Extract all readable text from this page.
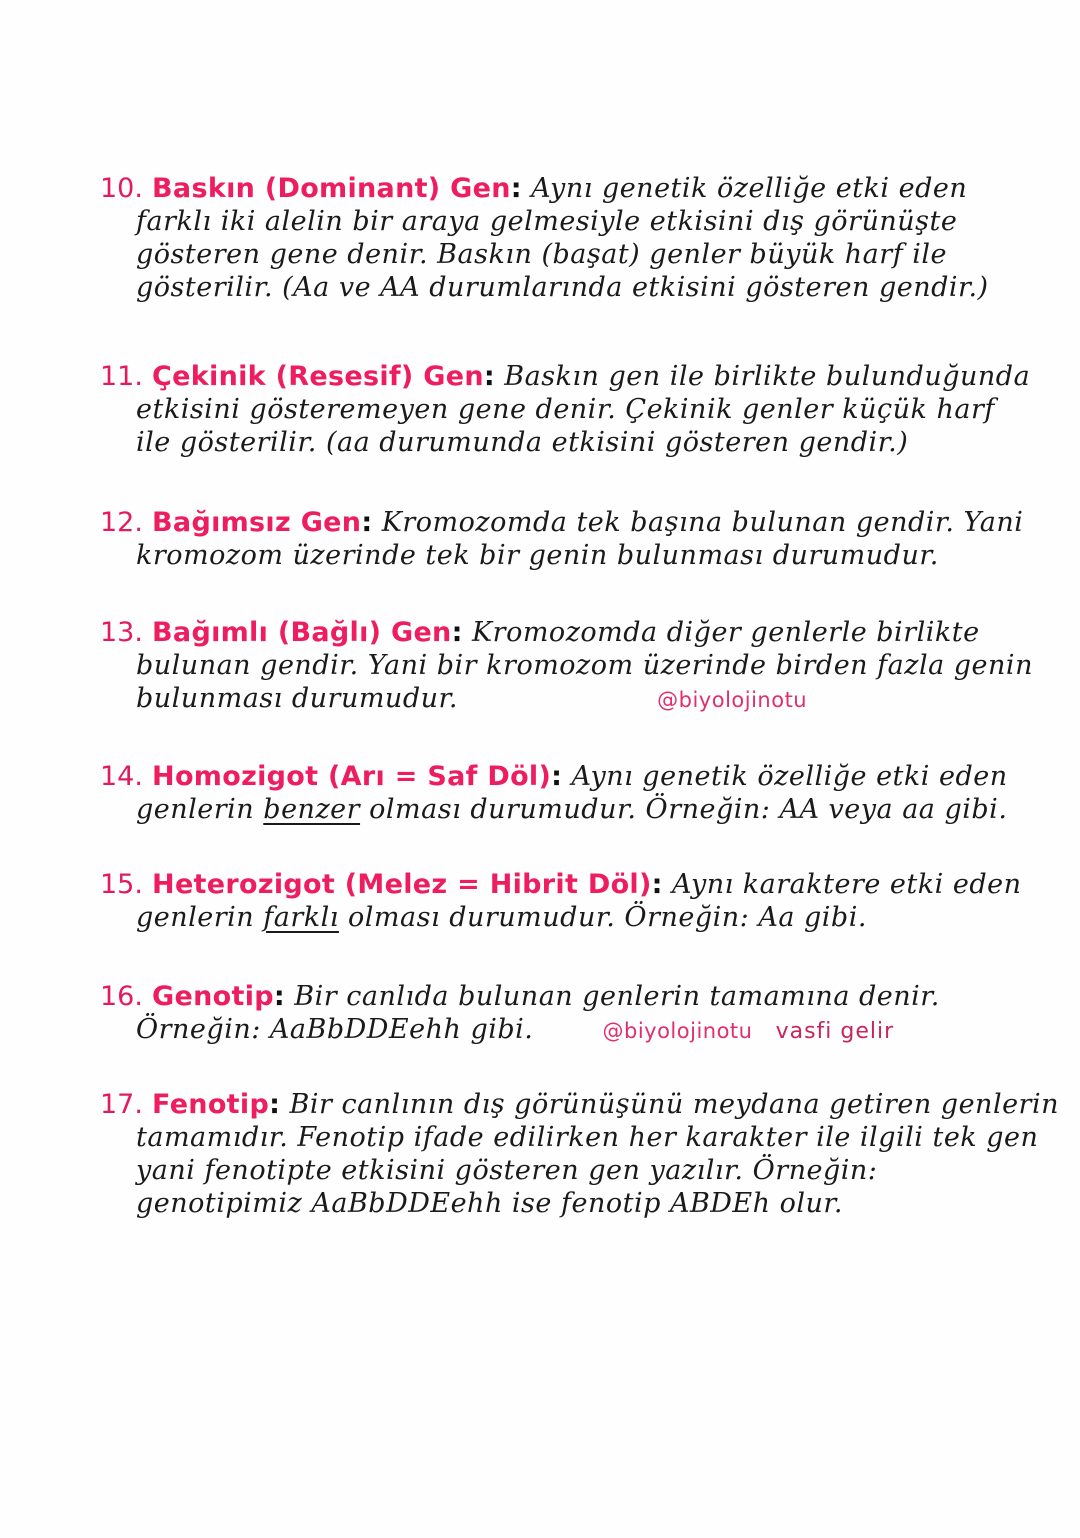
10. Baskın (Dominant) Gen: Aynı genetik özelliğe etki eden
farklı iki alelin bir araya gelmesiyle etkisini dış görünüşte
gösteren gene denir. Baskın (başat) genler büyük harf ile
gösterilir. (Aa ve AA durumlarında etkisini gösteren gendir.)
11. Çekinik (Resesif) Gen: Baskın gen ile birlikte bulunduğunda
etkisini gösteremeyen gene denir. Çekinik genler küçük harf
ile gösterilir. (aa durumunda etkisini gösteren gendir.)
12. Bağımsız Gen: Kromozomda tek başına bulunan gendir. Yani
kromozom üzerinde tek bir genin bulunması durumudur.
13. Bağımlı (Bağlı) Gen: Kromozomda diğer genlerle birlikte
bulunan gendir. Yani bir kromozom üzerinde birden fazla genin
bulunması durumudur.	@biyolojinotu
14. Homozigot (Arı = Saf Döl): Aynı genetik özelliğe etki eden
genlerin benzer olması durumudur. Örneğin: AA veya aa gibi.
15. Heterozigot (Melez = Hibrit Döl): Aynı karaktere etki eden
genlerin farklı olması durumudur. Örneğin: Aa gibi.
16. Genotip: Bir canlıda bulunan genlerin tamamına denir.
Örneğin: AaBbDDEehh gibi.	@biyolojinotu vasfi gelir
17. Fenotip: Bir canlının dış görünüşünü meydana getiren genlerin
tamamıdır. Fenotip ifade edilirken her karakter ile ilgili tek gen
yani fenotipte etkisini gösteren gen yazılır. Örneğin:
genotipimiz AaBbDDEehh ise fenotip ABDEh olur.
